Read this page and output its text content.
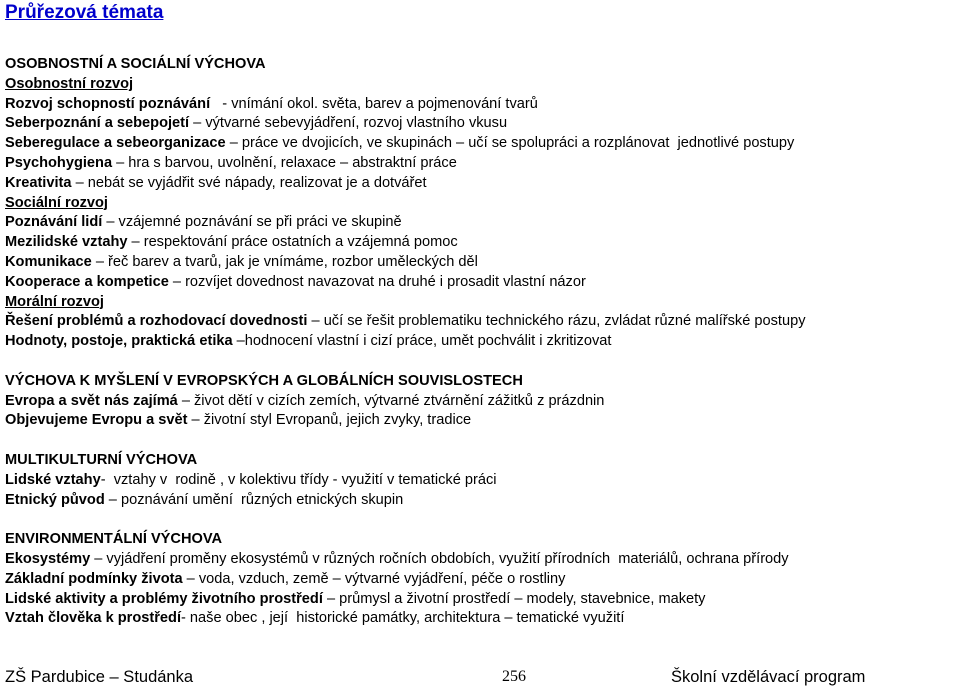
Průřezová témata
OSOBNOSTNÍ A SOCIÁLNÍ VÝCHOVA
Osobnostní rozvoj
Rozvoj schopností poznávání   - vnímání okol. světa, barev a pojmenování tvarů
Seberpoznání a sebepojetí – výtvarné sebevyjádření, rozvoj vlastního vkusu
Seberegulace a sebeorganizace – práce ve dvojicích, ve skupinách – učí se spolupráci a rozplánovat  jednotlivé postupy
Psychohygiena – hra s barvou, uvolnění, relaxace – abstraktní práce
Kreativita – nebát se vyjádřit své nápady, realizovat je a dotvářet
Sociální rozvoj
Poznávání lidí – vzájemné poznávání se při práci ve skupině
Mezilidské vztahy – respektování práce ostatních a vzájemná pomoc
Komunikace – řeč barev a tvarů, jak je vnímáme, rozbor uměleckých děl
Kooperace a kompetice – rozvíjet dovednost navazovat na druhé i prosadit vlastní názor
Morální rozvoj
Řešení problémů a rozhodovací dovednosti – učí se řešit problematiku technického rázu, zvládat různé malířské postupy
Hodnoty, postoje, praktická etika –hodnocení vlastní i cizí práce, umět pochválit i zkritizovat
VÝCHOVA K MYŠLENÍ V EVROPSKÝCH A GLOBÁLNÍCH SOUVISLOSTECH
Evropa a svět nás zajímá – život dětí v cizích zemích, výtvarné ztvárnění zážitků z prázdnin
Objevujeme Evropu a svět – životní styl Evropanů, jejich zvyky, tradice
MULTIKULTURNÍ VÝCHOVA
Lidské vztahy-  vztahy v  rodině , v kolektivu třídy - využití v tematické práci
Etnický původ – poznávání umění  různých etnických skupin
ENVIRONMENTÁLNÍ VÝCHOVA
Ekosystémy – vyjádření proměny ekosystémů v různých ročních obdobích, využití přírodních  materiálů, ochrana přírody
Základní podmínky života – voda, vzduch, země – výtvarné vyjádření, péče o rostliny
Lidské aktivity a problémy životního prostředí – průmysl a životní prostředí – modely, stavebnice, makety
Vztah člověka k prostředí- naše obec , její  historické památky, architektura – tematické využití
ZŠ Pardubice – Studánka	256	Školní vzdělávací program
